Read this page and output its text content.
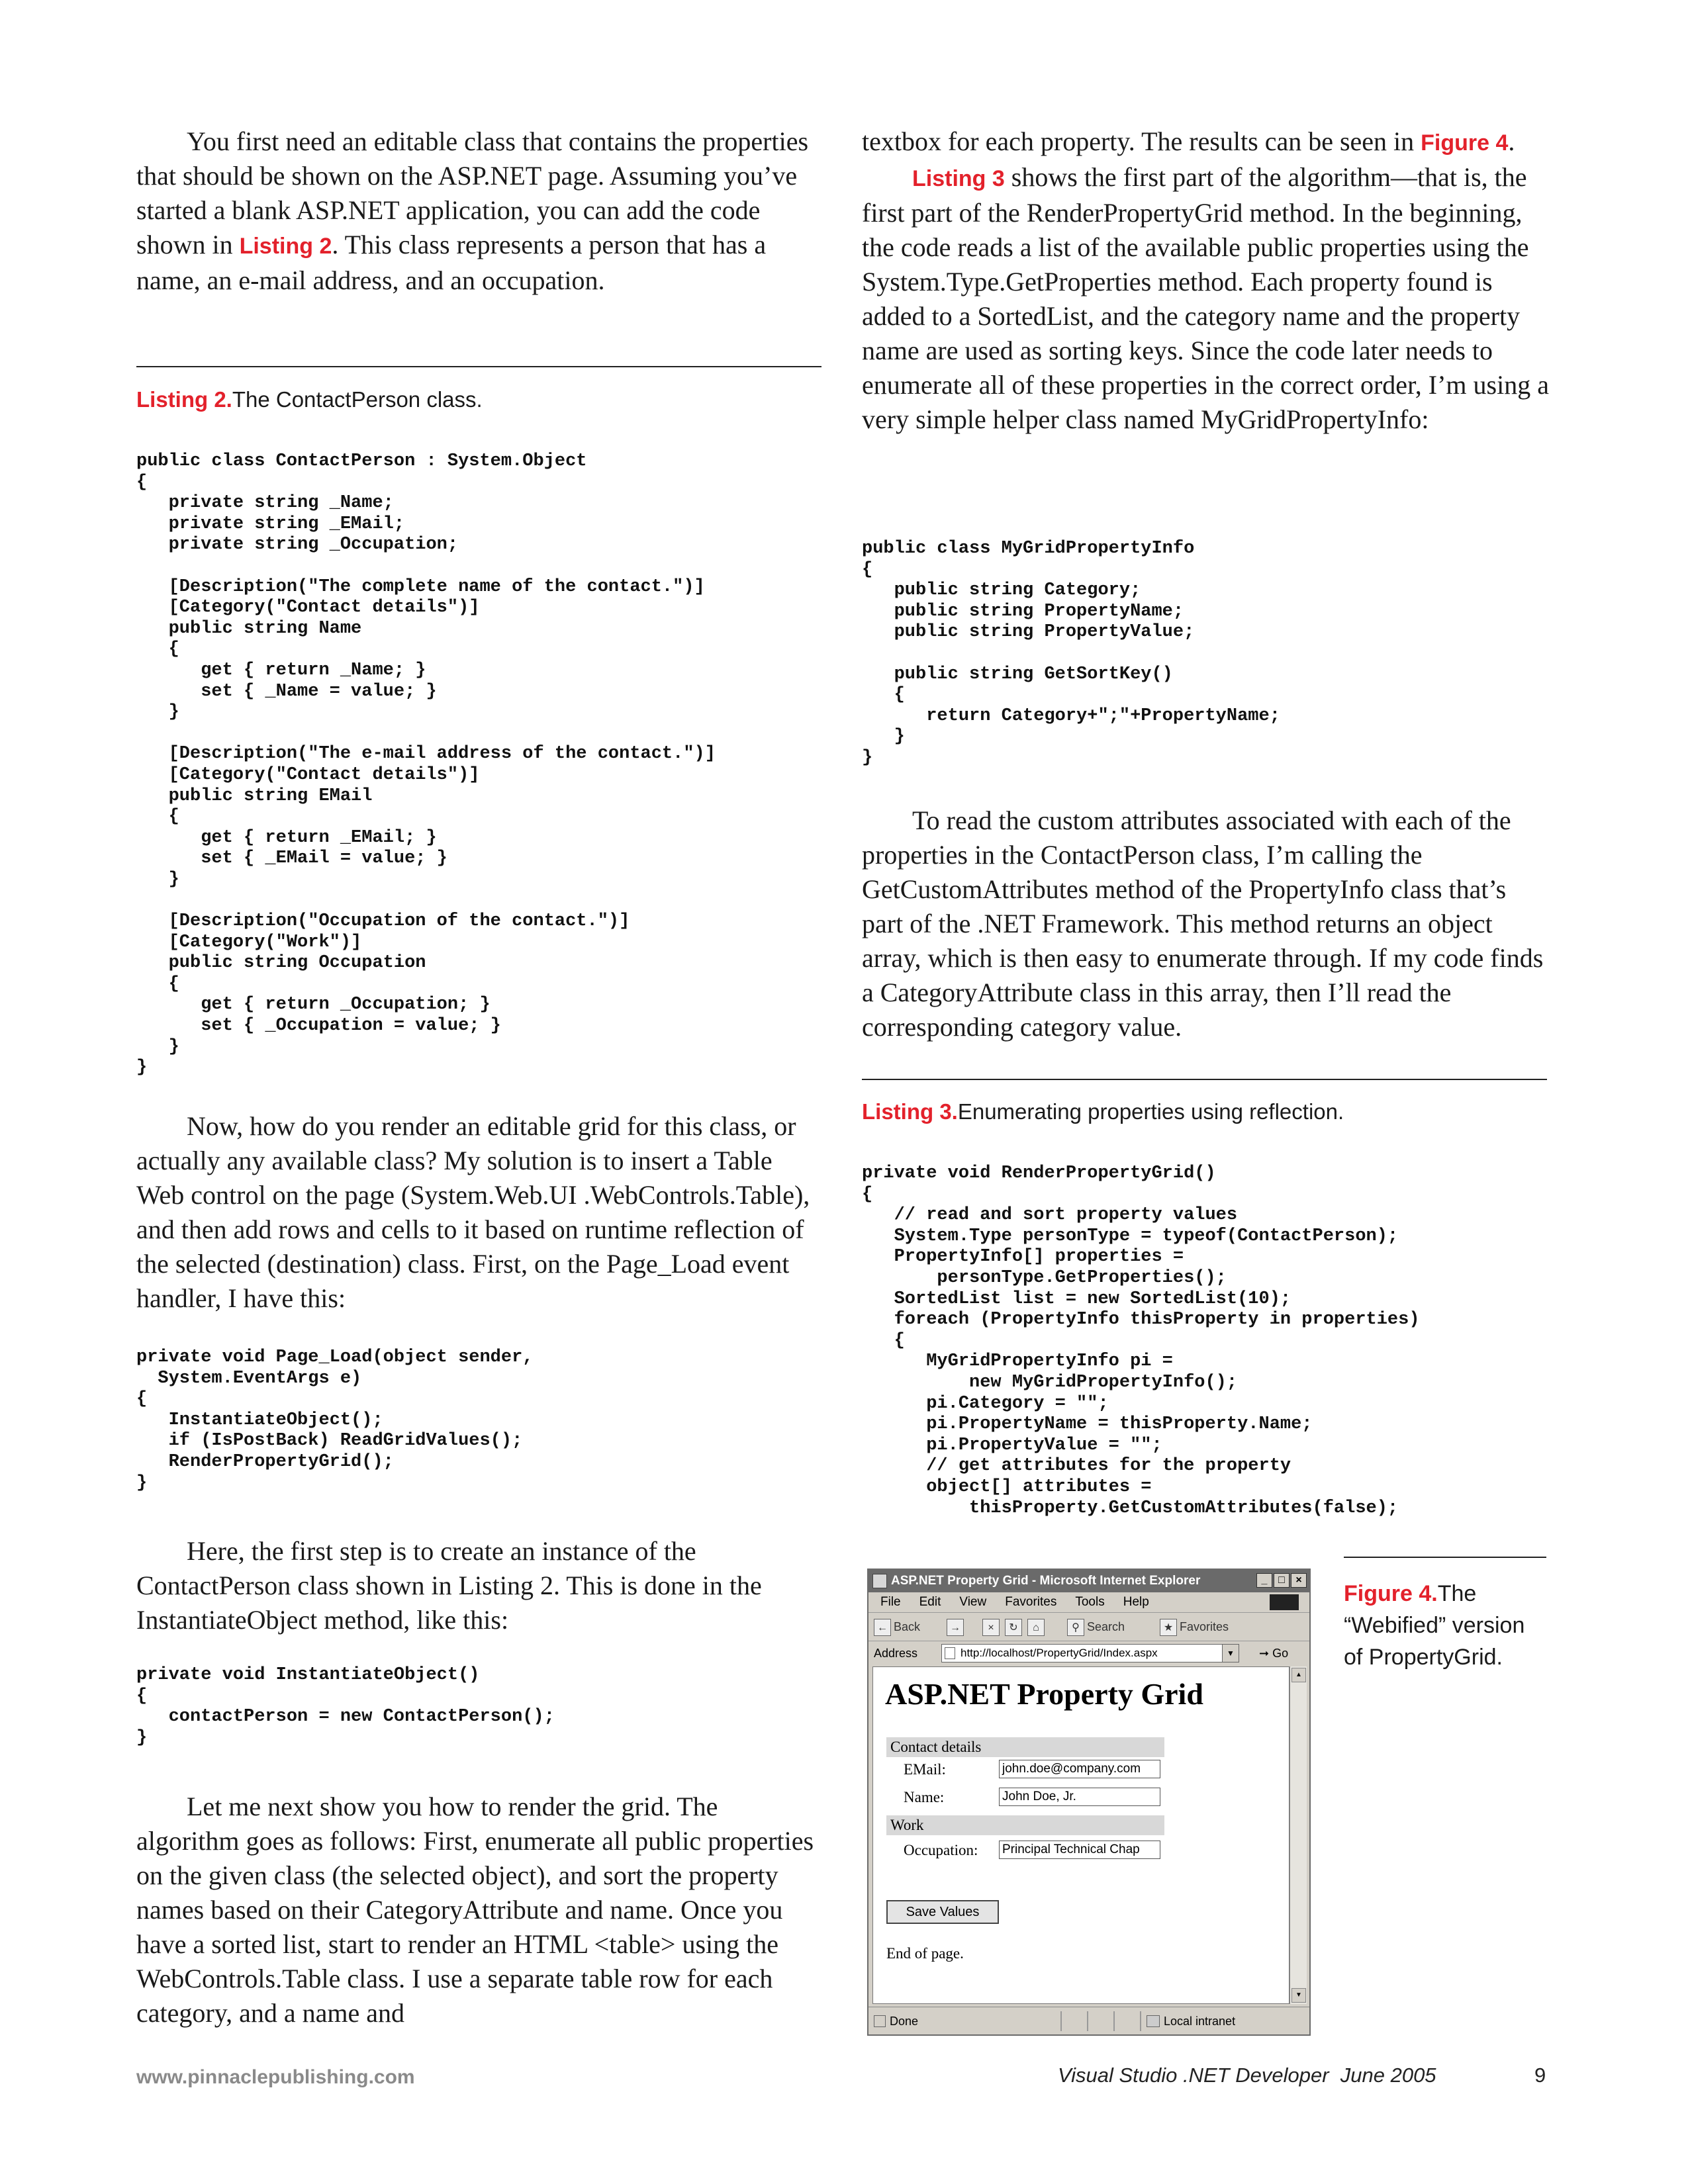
You first need an editable class that contains the properties that should be shown on the ASP.NET page. Assuming you’ve started a blank ASP.NET application, you can add the code shown in Listing 2. This class represents a person that has a name, an e-mail address, and an occupation.

Listing 2.The ContactPerson class.
public class ContactPerson : System.Object
{
private string _Name;
private string _EMail;
private string _Occupation;

[Description("The complete name of the contact.")]
[Category("Contact details")]
public string Name
{
get { return _Name; }
set { _Name = value; }
}

[Description("The e-mail address of the contact.")]
[Category("Contact details")]
public string EMail
{
get { return _EMail; }
set { _EMail = value; }
}

[Description("Occupation of the contact.")]
[Category("Work")]
public string Occupation
{
get { return _Occupation; }
set { _Occupation = value; }
}
}

Now, how do you render an editable grid for this class, or actually any available class? My solution is to insert a Table Web control on the page (System.Web.UI .WebControls.Table), and then add rows and cells to it based on runtime reflection of the selected (destination) class. First, on the Page_Load event handler, I have this:

private void Page_Load(object sender,
System.EventArgs e)
{
InstantiateObject();
if (IsPostBack) ReadGridValues();
RenderPropertyGrid();
}

Here, the first step is to create an instance of the ContactPerson class shown in Listing 2. This is done in the InstantiateObject method, like this:

private void InstantiateObject()
{
contactPerson = new ContactPerson();
}

Let me next show you how to render the grid. The algorithm goes as follows: First, enumerate all public properties on the given class (the selected object), and sort the property names based on their CategoryAttribute and name. Once you have a sorted list, start to render an HTML <table> using the WebControls.Table class. I use a separate table row for each category, and a name and

textbox for each property. The results can be seen in Figure 4.

Listing 3 shows the first part of the algorithm—that is, the first part of the RenderPropertyGrid method. In the beginning, the code reads a list of the available public properties using the System.Type.GetProperties method. Each property found is added to a SortedList, and the category name and the property name are used as sorting keys. Since the code later needs to enumerate all of these properties in the correct order, I’m using a very simple helper class named MyGridPropertyInfo:

public class MyGridPropertyInfo
{
public string Category;
public string PropertyName;
public string PropertyValue;

public string GetSortKey()
{
return Category+";"+PropertyName;
}
}

To read the custom attributes associated with each of the properties in the ContactPerson class, I’m calling the GetCustomAttributes method of the PropertyInfo class that’s part of the .NET Framework. This method returns an object array, which is then easy to enumerate through. If my code finds a CategoryAttribute class in this array, then I’ll read the corresponding category value.

Listing 3.Enumerating properties using reflection.
private void RenderPropertyGrid()
{
// read and sort property values
System.Type personType = typeof(ContactPerson);
PropertyInfo[] properties =
personType.GetProperties();
SortedList list = new SortedList(10);
foreach (PropertyInfo thisProperty in properties)
{
MyGridPropertyInfo pi =
new MyGridPropertyInfo();
pi.Category = "";
pi.PropertyName = thisProperty.Name;
pi.PropertyValue = "";
// get attributes for the property
object[] attributes =
thisProperty.GetCustomAttributes(false);
Figure 4.The “Webified” version of PropertyGrid.
ASP.NET Property Grid - Microsoft Internet Explorer	_	□	×
File Edit View Favorites Tools Help
← Back	→	×	↻	⌂	⚲ Search	★ Favorites
Address	http://localhost/PropertyGrid/Index.aspx	▼	➞ Go
ASP.NET Property Grid
Contact details
EMail:	john.doe@company.com
Name:	John Doe, Jr.
Work
Occupation: Principal Technical Chap
Save Values
End of page.
▲
▼
Done	Local intranet
www.pinnaclepublishing.com	Visual Studio .NET Developer  June 2005	9
